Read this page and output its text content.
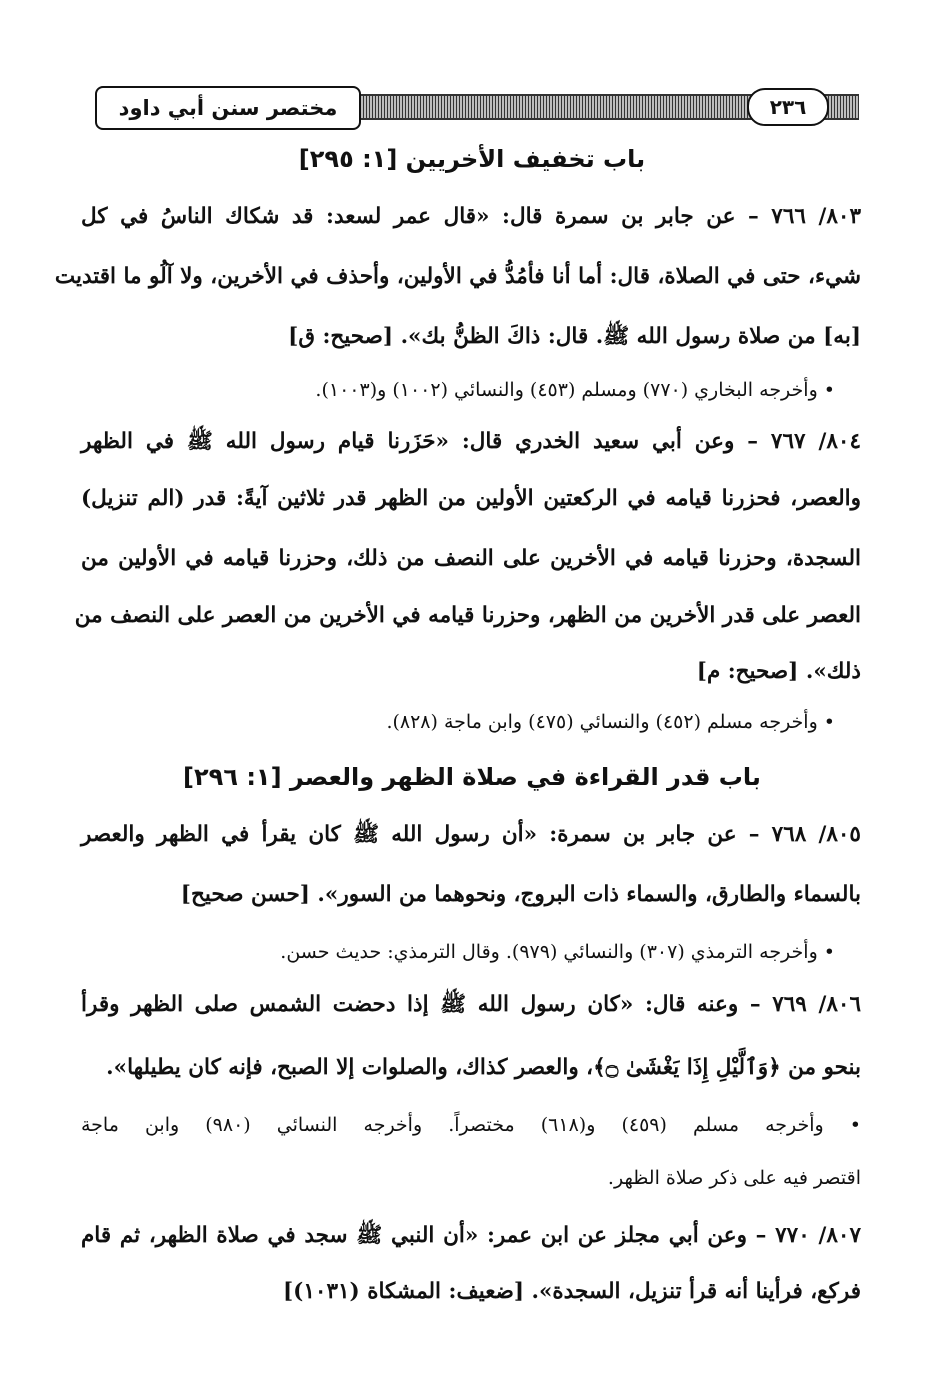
مختصر سنن أبي داود	٢٣٦
باب تخفيف الأخريين [١: ٢٩٥]
٨٠٣/ ٧٦٦ – عن جابر بن سمرة قال: «قال عمر لسعد: قد شكاك الناسُ في كل
شيء، حتى في الصلاة، قال: أما أنا فأمُدُّ في الأولين، وأحذف في الأخرين، ولا آلُو ما اقتديت
[به] من صلاة رسول الله ﷺ. قال: ذاكَ الظنُّ بك». [صحيح: ق]
• وأخرجه البخاري (٧٧٠) ومسلم (٤٥٣) والنسائي (١٠٠٢) و(١٠٠٣).
٨٠٤/ ٧٦٧ – وعن أبي سعيد الخدري قال: «حَزَرنا قيام رسول الله ﷺ في الظهر
والعصر، فحزرنا قيامه في الركعتين الأولين من الظهر قدر ثلاثين آيةً: قدر (الم تنزيل)
السجدة، وحزرنا قيامه في الأخرين على النصف من ذلك، وحزرنا قيامه في الأولين من
العصر على قدر الأخرين من الظهر، وحزرنا قيامه في الأخرين من العصر على النصف من
ذلك». [صحيح: م]
• وأخرجه مسلم (٤٥٢) والنسائي (٤٧٥) وابن ماجة (٨٢٨).
باب قدر القراءة في صلاة الظهر والعصر [١: ٢٩٦]
٨٠٥/ ٧٦٨ – عن جابر بن سمرة: «أن رسول الله ﷺ كان يقرأ في الظهر والعصر
بالسماء والطارق، والسماء ذات البروج، ونحوهما من السور». [حسن صحيح]
• وأخرجه الترمذي (٣٠٧) والنسائي (٩٧٩). وقال الترمذي: حديث حسن.
٨٠٦/ ٧٦٩ – وعنه قال: «كان رسول الله ﷺ إذا دحضت الشمس صلى الظهر وقرأ
بنحو من ﴿وَٱلَّيْلِ إِذَا يَغْشَىٰ ۝﴾، والعصر كذاك، والصلوات إلا الصبح، فإنه كان يطيلها».
• وأخرجه مسلم (٤٥٩) و(٦١٨) مختصراً. وأخرجه النسائي (٩٨٠) وابن ماجة
اقتصر فيه على ذكر صلاة الظهر.
٨٠٧/ ٧٧٠ – وعن أبي مجلز عن ابن عمر: «أن النبي ﷺ سجد في صلاة الظهر، ثم قام
فركع، فرأينا أنه قرأ تنزيل، السجدة». [ضعيف: المشكاة (١٠٣١)]
